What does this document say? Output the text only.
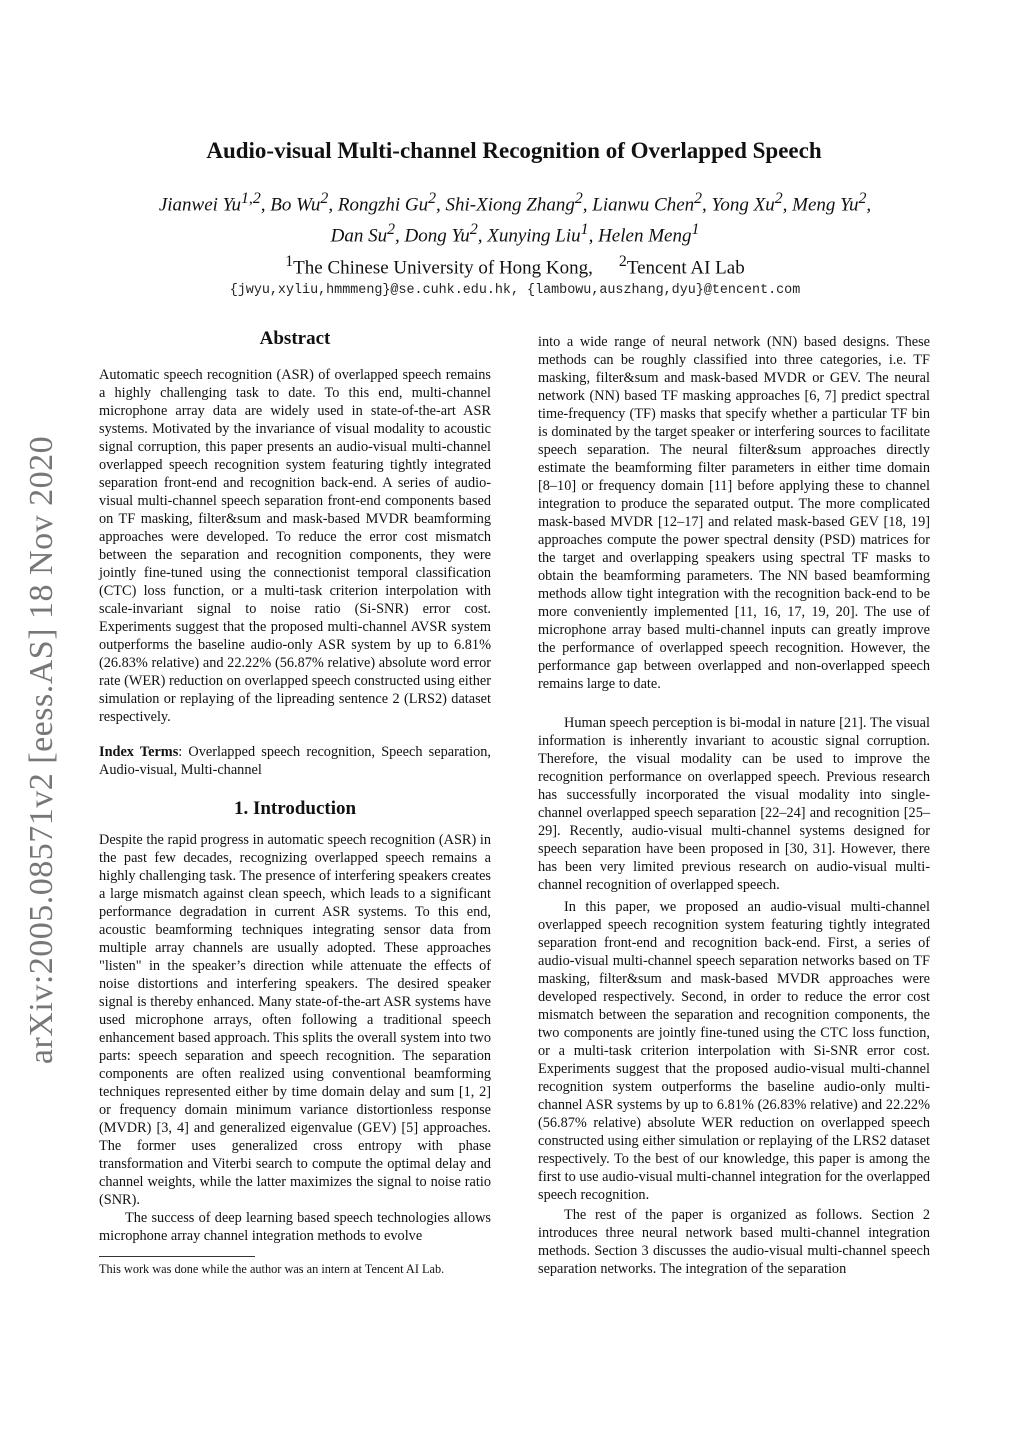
arXiv:2005.08571v2 [eess.AS] 18 Nov 2020
Audio-visual Multi-channel Recognition of Overlapped Speech
Jianwei Yu$^{1,2}$, Bo Wu$^2$, Rongzhi Gu$^2$, Shi-Xiong Zhang$^2$, Lianwu Chen$^2$, Yong Xu$^2$, Meng Yu$^2$,
Dan Su$^2$, Dong Yu$^2$, Xunying Liu$^1$, Helen Meng$^1$
$^1$The Chinese University of Hong Kong, $^2$Tencent AI Lab
{jwyu,xyliu,hmmmeng}@se.cuhk.edu.hk, {lambowu,auszhang,dyu}@tencent.com
Abstract

Automatic speech recognition (ASR) of overlapped speech remains a highly challenging task to date. To this end, multi-channel microphone array data are widely used in state-of-the-art ASR systems. Motivated by the invariance of visual modality to acoustic signal corruption, this paper presents an audio-visual multi-channel overlapped speech recognition system featuring tightly integrated separation front-end and recognition back-end. A series of audio-visual multi-channel speech separation front-end components based on TF masking, filter&sum and mask-based MVDR beamforming approaches were developed. To reduce the error cost mismatch between the separation and recognition components, they were jointly fine-tuned using the connectionist temporal classification (CTC) loss function, or a multi-task criterion interpolation with scale-invariant signal to noise ratio (Si-SNR) error cost. Experiments suggest that the proposed multi-channel AVSR system outperforms the baseline audio-only ASR system by up to 6.81% (26.83% relative) and 22.22% (56.87% relative) absolute word error rate (WER) reduction on overlapped speech constructed using either simulation or replaying of the lipreading sentence 2 (LRS2) dataset respectively.

Index Terms: Overlapped speech recognition, Speech separation, Audio-visual, Multi-channel

1. Introduction

Despite the rapid progress in automatic speech recognition (ASR) in the past few decades, recognizing overlapped speech remains a highly challenging task. The presence of interfering speakers creates a large mismatch against clean speech, which leads to a significant performance degradation in current ASR systems. To this end, acoustic beamforming techniques integrating sensor data from multiple array channels are usually adopted. These approaches "listen" in the speaker’s direction while attenuate the effects of noise distortions and interfering speakers. The desired speaker signal is thereby enhanced. Many state-of-the-art ASR systems have used microphone arrays, often following a traditional speech enhancement based approach. This splits the overall system into two parts: speech separation and speech recognition. The separation components are often realized using conventional beamforming techniques represented either by time domain delay and sum [1, 2] or frequency domain minimum variance distortionless response (MVDR) [3, 4] and generalized eigenvalue (GEV) [5] approaches. The former uses generalized cross entropy with phase transformation and Viterbi search to compute the optimal delay and channel weights, while the latter maximizes the signal to noise ratio (SNR).

The success of deep learning based speech technologies allows microphone array channel integration methods to evolve

into a wide range of neural network (NN) based designs. These methods can be roughly classified into three categories, i.e. TF masking, filter&sum and mask-based MVDR or GEV. The neural network (NN) based TF masking approaches [6, 7] predict spectral time-frequency (TF) masks that specify whether a particular TF bin is dominated by the target speaker or interfering sources to facilitate speech separation. The neural filter&sum approaches directly estimate the beamforming filter parameters in either time domain [8–10] or frequency domain [11] before applying these to channel integration to produce the separated output. The more complicated mask-based MVDR [12–17] and related mask-based GEV [18, 19] approaches compute the power spectral density (PSD) matrices for the target and overlapping speakers using spectral TF masks to obtain the beamforming parameters. The NN based beamforming methods allow tight integration with the recognition back-end to be more conveniently implemented [11, 16, 17, 19, 20]. The use of microphone array based multi-channel inputs can greatly improve the performance of overlapped speech recognition. However, the performance gap between overlapped and non-overlapped speech remains large to date.

Human speech perception is bi-modal in nature [21]. The visual information is inherently invariant to acoustic signal corruption. Therefore, the visual modality can be used to improve the recognition performance on overlapped speech. Previous research has successfully incorporated the visual modality into single-channel overlapped speech separation [22–24] and recognition [25–29]. Recently, audio-visual multi-channel systems designed for speech separation have been proposed in [30, 31]. However, there has been very limited previous research on audio-visual multi-channel recognition of overlapped speech.

In this paper, we proposed an audio-visual multi-channel overlapped speech recognition system featuring tightly integrated separation front-end and recognition back-end. First, a series of audio-visual multi-channel speech separation networks based on TF masking, filter&sum and mask-based MVDR approaches were developed respectively. Second, in order to reduce the error cost mismatch between the separation and recognition components, the two components are jointly fine-tuned using the CTC loss function, or a multi-task criterion interpolation with Si-SNR error cost. Experiments suggest that the proposed audio-visual multi-channel recognition system outperforms the baseline audio-only multi-channel ASR systems by up to 6.81% (26.83% relative) and 22.22% (56.87% relative) absolute WER reduction on overlapped speech constructed using either simulation or replaying of the LRS2 dataset respectively. To the best of our knowledge, this paper is among the first to use audio-visual multi-channel integration for the overlapped speech recognition.

The rest of the paper is organized as follows. Section 2 introduces three neural network based multi-channel integration methods. Section 3 discusses the audio-visual multi-channel speech separation networks. The integration of the separation

This work was done while the author was an intern at Tencent AI Lab.
